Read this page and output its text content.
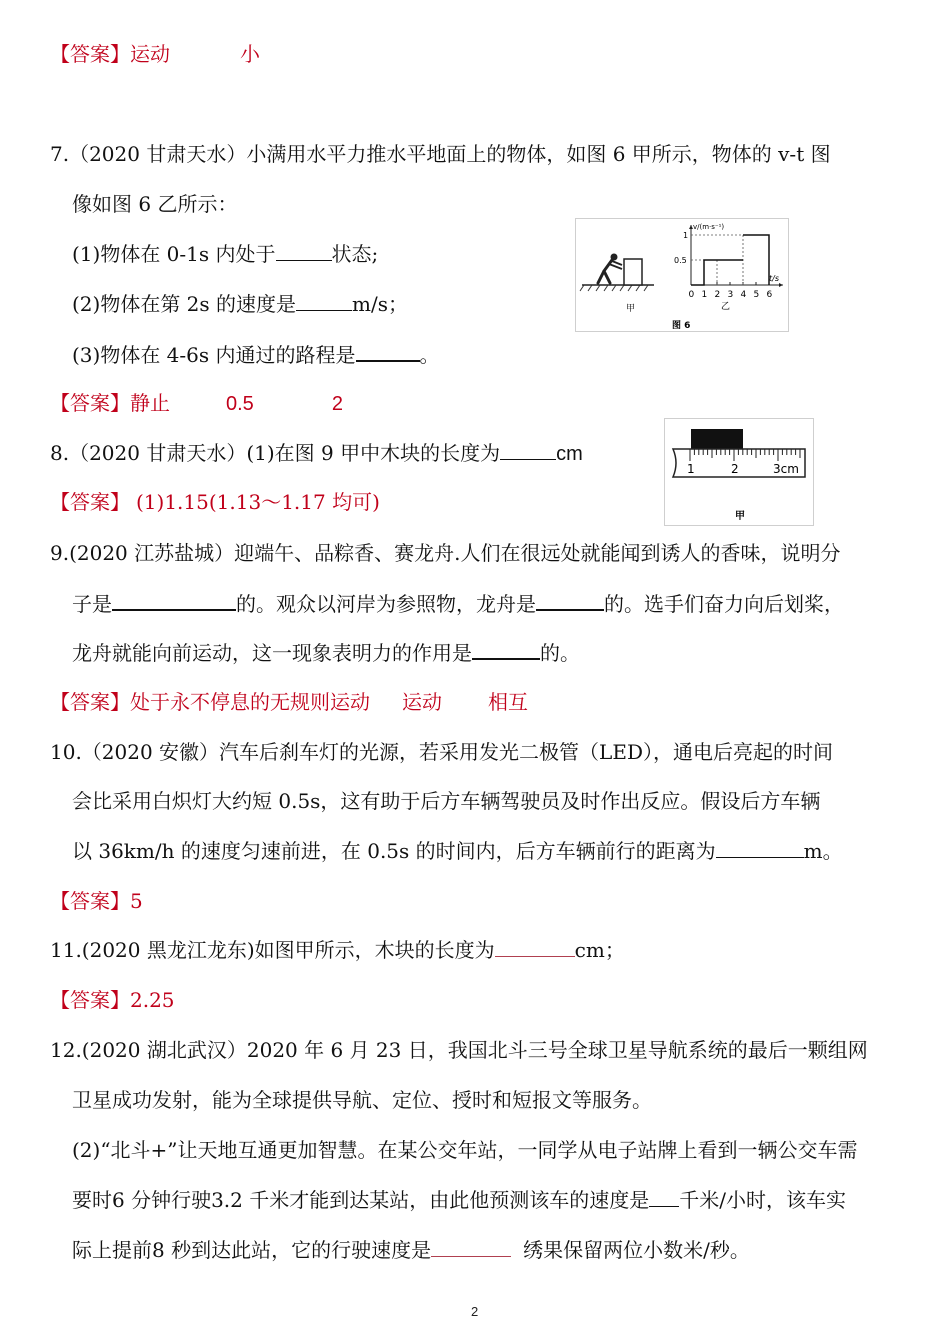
【答案】运动	小
7.（2020 甘肃天水）小满用水平力推水平地面上的物体，如图 6 甲所示，物体的 v-t 图
像如图 6 乙所示：
(1)物体在 0-1s 内处于	状态;
(2)物体在第 2s 的速度是	m/s；
(3)物体在 4-6s 内通过的路程是	。
甲
0 1 2 3 4 5 6
v/(m·s⁻¹)
t/s
1
0.5
乙
图 6
【答案】静止	0.5	2
8.（2020 甘肃天水）(1)在图 9 甲中木块的长度为	cm
1	2	3cm
甲
【答案】 (1)1.15(1.13～1.17 均可)
9.(2020 江苏盐城）迎端午、品粽香、赛龙舟.人们在很远处就能闻到诱人的香味，说明分
子是	的。观众以河岸为参照物，龙舟是	的。选手们奋力向后划桨，
龙舟就能向前运动，这一现象表明力的作用是	的。
【答案】处于永不停息的无规则运动 运动 相互
10.（2020 安徽）汽车后刹车灯的光源，若采用发光二极管（LED），通电后亮起的时间
会比采用白炽灯大约短 0.5s，这有助于后方车辆驾驶员及时作出反应。假设后方车辆
以 36km/h 的速度匀速前进，在 0.5s 的时间内，后方车辆前行的距离为	m。
【答案】5
11.(2020 黑龙江龙东)如图甲所示，木块的长度为	cm；
【答案】2.25
12.(2020 湖北武汉）2020 年 6 月 23 日，我国北斗三号全球卫星导航系统的最后一颗组网
卫星成功发射，能为全球提供导航、定位、授时和短报文等服务。
(2)“北斗+”让天地互通更加智慧。在某公交年站，一同学从电子站牌上看到一辆公交车需
要时6 分钟行驶3.2 千米才能到达某站，由此他预测该车的速度是 千米/小时，该车实
际上提前8 秒到达此站，它的行驶速度是	绣果保留两位小数米/秒。
2
